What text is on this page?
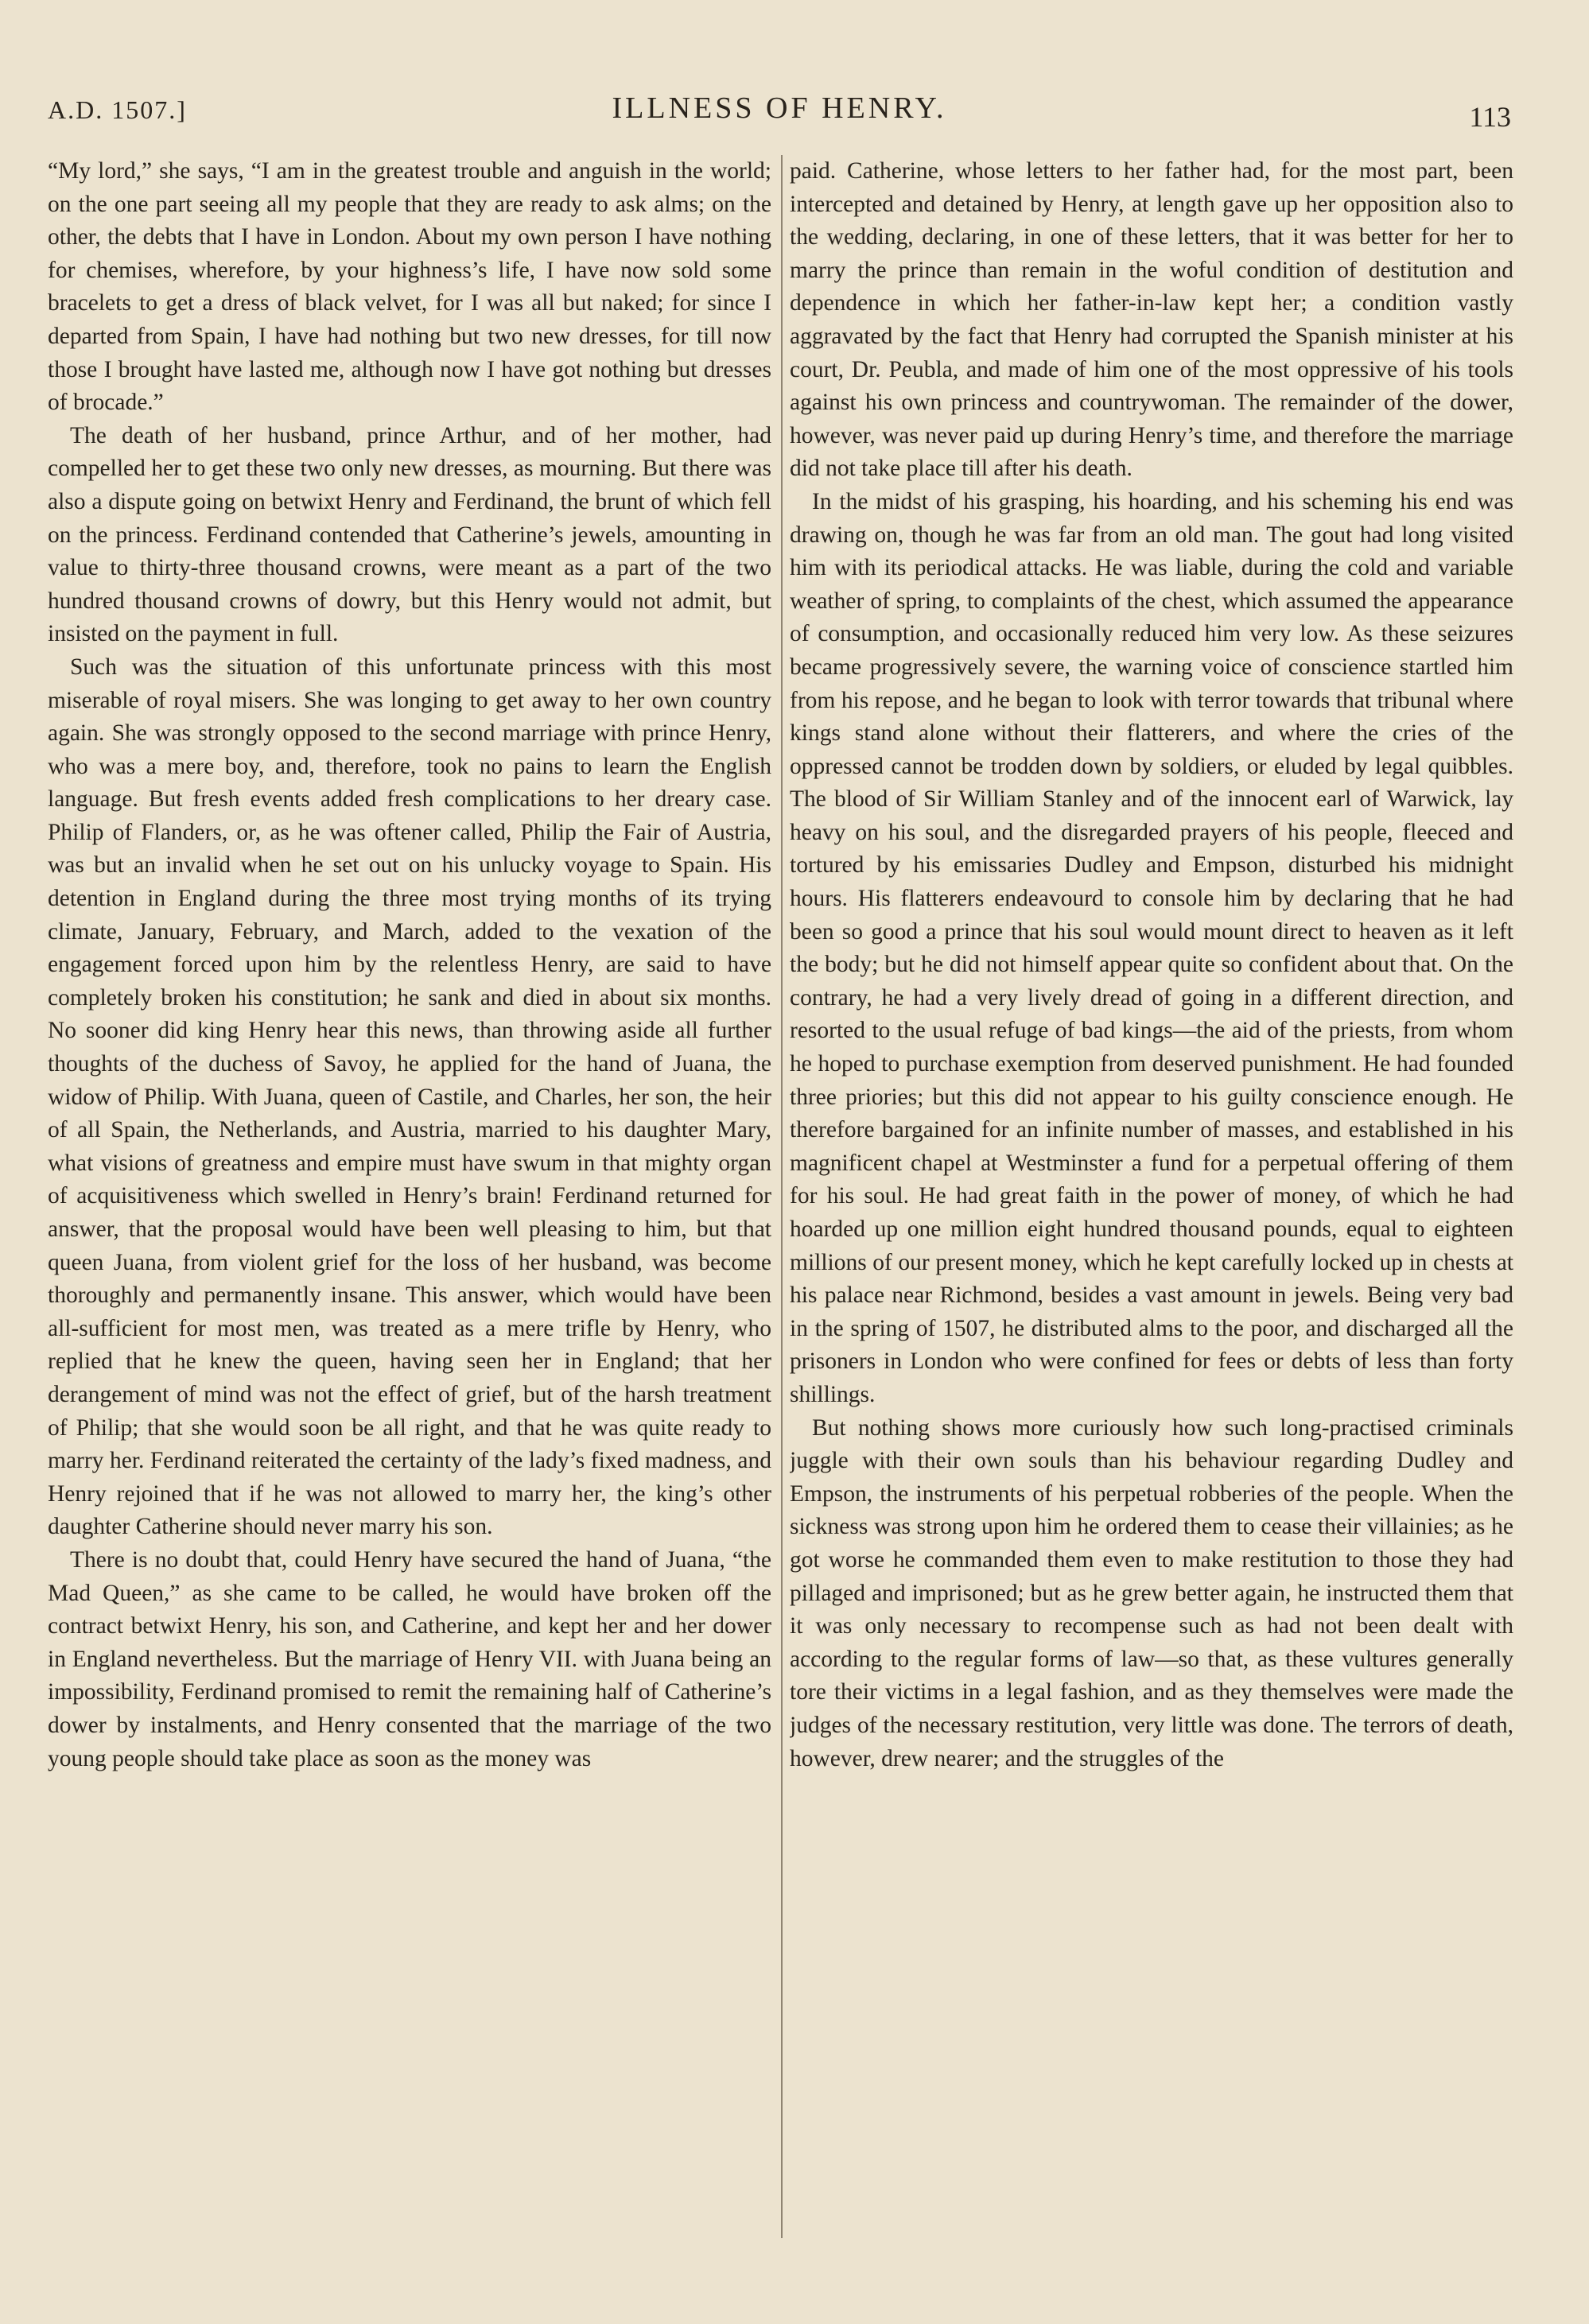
A.D. 1507.]	ILLNESS OF HENRY.	113

“My lord,” she says, “I am in the greatest trouble and anguish in the world; on the one part seeing all my people that they are ready to ask alms; on the other, the debts that I have in London. About my own person I have nothing for chemises, wherefore, by your highness’s life, I have now sold some bracelets to get a dress of black velvet, for I was all but naked; for since I departed from Spain, I have had nothing but two new dresses, for till now those I brought have lasted me, although now I have got nothing but dresses of brocade.”

The death of her husband, prince Arthur, and of her mother, had compelled her to get these two only new dresses, as mourning. But there was also a dispute going on betwixt Henry and Ferdinand, the brunt of which fell on the princess. Ferdinand contended that Catherine’s jewels, amounting in value to thirty-three thousand crowns, were meant as a part of the two hundred thousand crowns of dowry, but this Henry would not admit, but insisted on the payment in full.

Such was the situation of this unfortunate princess with this most miserable of royal misers. She was longing to get away to her own country again. She was strongly opposed to the second marriage with prince Henry, who was a mere boy, and, therefore, took no pains to learn the English language. But fresh events added fresh complications to her dreary case. Philip of Flanders, or, as he was oftener called, Philip the Fair of Austria, was but an invalid when he set out on his unlucky voyage to Spain. His detention in England during the three most trying months of its trying climate, January, February, and March, added to the vexation of the engagement forced upon him by the relentless Henry, are said to have completely broken his constitution; he sank and died in about six months. No sooner did king Henry hear this news, than throwing aside all further thoughts of the duchess of Savoy, he applied for the hand of Juana, the widow of Philip. With Juana, queen of Castile, and Charles, her son, the heir of all Spain, the Netherlands, and Austria, married to his daughter Mary, what visions of greatness and empire must have swum in that mighty organ of acquisitiveness which swelled in Henry’s brain! Ferdinand returned for answer, that the proposal would have been well pleasing to him, but that queen Juana, from violent grief for the loss of her husband, was become thoroughly and permanently insane. This answer, which would have been all-sufficient for most men, was treated as a mere trifle by Henry, who replied that he knew the queen, having seen her in England; that her derangement of mind was not the effect of grief, but of the harsh treatment of Philip; that she would soon be all right, and that he was quite ready to marry her. Ferdinand reiterated the certainty of the lady’s fixed madness, and Henry rejoined that if he was not allowed to marry her, the king’s other daughter Catherine should never marry his son.

There is no doubt that, could Henry have secured the hand of Juana, “the Mad Queen,” as she came to be called, he would have broken off the contract betwixt Henry, his son, and Catherine, and kept her and her dower in England nevertheless. But the marriage of Henry VII. with Juana being an impossibility, Ferdinand promised to remit the remaining half of Catherine’s dower by instalments, and Henry consented that the marriage of the two young people should take place as soon as the money was

paid. Catherine, whose letters to her father had, for the most part, been intercepted and detained by Henry, at length gave up her opposition also to the wedding, declaring, in one of these letters, that it was better for her to marry the prince than remain in the woful condition of destitution and dependence in which her father-in-law kept her; a condition vastly aggravated by the fact that Henry had corrupted the Spanish minister at his court, Dr. Peubla, and made of him one of the most oppressive of his tools against his own princess and countrywoman. The remainder of the dower, however, was never paid up during Henry’s time, and therefore the marriage did not take place till after his death.

In the midst of his grasping, his hoarding, and his scheming his end was drawing on, though he was far from an old man. The gout had long visited him with its periodical attacks. He was liable, during the cold and variable weather of spring, to complaints of the chest, which assumed the appearance of consumption, and occasionally reduced him very low. As these seizures became progressively severe, the warning voice of conscience startled him from his repose, and he began to look with terror towards that tribunal where kings stand alone without their flatterers, and where the cries of the oppressed cannot be trodden down by soldiers, or eluded by legal quibbles. The blood of Sir William Stanley and of the innocent earl of Warwick, lay heavy on his soul, and the disregarded prayers of his people, fleeced and tortured by his emissaries Dudley and Empson, disturbed his midnight hours. His flatterers endeavourd to console him by declaring that he had been so good a prince that his soul would mount direct to heaven as it left the body; but he did not himself appear quite so confident about that. On the contrary, he had a very lively dread of going in a different direction, and resorted to the usual refuge of bad kings—the aid of the priests, from whom he hoped to purchase exemption from deserved punishment. He had founded three priories; but this did not appear to his guilty conscience enough. He therefore bargained for an infinite number of masses, and established in his magnificent chapel at Westminster a fund for a perpetual offering of them for his soul. He had great faith in the power of money, of which he had hoarded up one million eight hundred thousand pounds, equal to eighteen millions of our present money, which he kept carefully locked up in chests at his palace near Richmond, besides a vast amount in jewels. Being very bad in the spring of 1507, he distributed alms to the poor, and discharged all the prisoners in London who were confined for fees or debts of less than forty shillings.

But nothing shows more curiously how such long-practised criminals juggle with their own souls than his behaviour regarding Dudley and Empson, the instruments of his perpetual robberies of the people. When the sickness was strong upon him he ordered them to cease their villainies; as he got worse he commanded them even to make restitution to those they had pillaged and imprisoned; but as he grew better again, he instructed them that it was only necessary to recompense such as had not been dealt with according to the regular forms of law—so that, as these vultures generally tore their victims in a legal fashion, and as they themselves were made the judges of the necessary restitution, very little was done. The terrors of death, however, drew nearer; and the struggles of the
